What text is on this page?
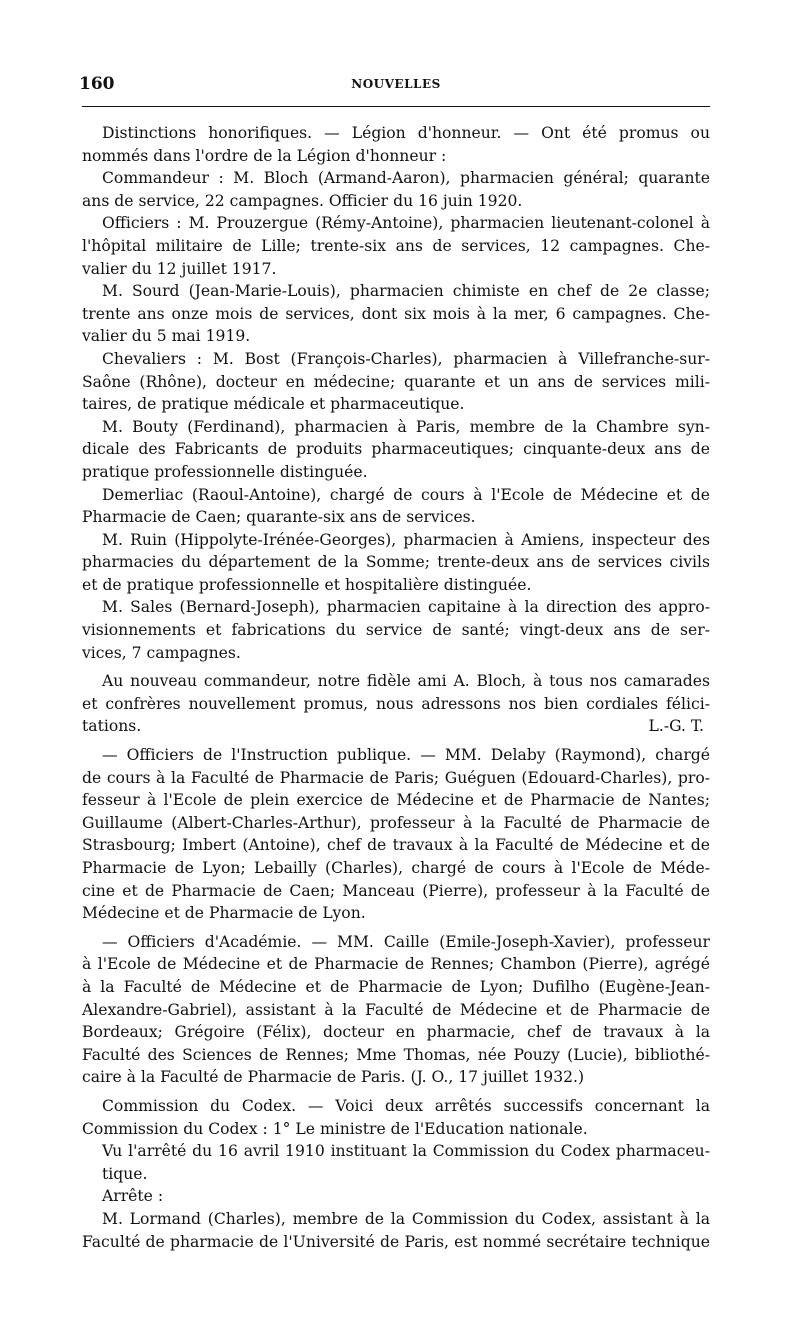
160	NOUVELLES
Distinctions honorifiques. — Légion d'honneur. — Ont été promus ou
nommés dans l'ordre de la Légion d'honneur :
Commandeur : M. Bloch (Armand-Aaron), pharmacien général; quarante
ans de service, 22 campagnes. Officier du 16 juin 1920.
Officiers : M. Prouzergue (Rémy-Antoine), pharmacien lieutenant-colonel à
l'hôpital militaire de Lille; trente-six ans de services, 12 campagnes. Che-
valier du 12 juillet 1917.
M. Sourd (Jean-Marie-Louis), pharmacien chimiste en chef de 2e classe;
trente ans onze mois de services, dont six mois à la mer, 6 campagnes. Che-
valier du 5 mai 1919.
Chevaliers : M. Bost (François-Charles), pharmacien à Villefranche-sur-
Saône (Rhône), docteur en médecine; quarante et un ans de services mili-
taires, de pratique médicale et pharmaceutique.
M. Bouty (Ferdinand), pharmacien à Paris, membre de la Chambre syn-
dicale des Fabricants de produits pharmaceutiques; cinquante-deux ans de
pratique professionnelle distinguée.
Demerliac (Raoul-Antoine), chargé de cours à l'Ecole de Médecine et de
Pharmacie de Caen; quarante-six ans de services.
M. Ruin (Hippolyte-Irénée-Georges), pharmacien à Amiens, inspecteur des
pharmacies du département de la Somme; trente-deux ans de services civils
et de pratique professionnelle et hospitalière distinguée.
M. Sales (Bernard-Joseph), pharmacien capitaine à la direction des appro-
visionnements et fabrications du service de santé; vingt-deux ans de ser-
vices, 7 campagnes.
Au nouveau commandeur, notre fidèle ami A. Bloch, à tous nos camarades
et confrères nouvellement promus, nous adressons nos bien cordiales félici-
tations.	L.-G. T.
— Officiers de l'Instruction publique. — MM. Delaby (Raymond), chargé
de cours à la Faculté de Pharmacie de Paris; Guéguen (Edouard-Charles), pro-
fesseur à l'Ecole de plein exercice de Médecine et de Pharmacie de Nantes;
Guillaume (Albert-Charles-Arthur), professeur à la Faculté de Pharmacie de
Strasbourg; Imbert (Antoine), chef de travaux à la Faculté de Médecine et de
Pharmacie de Lyon; Lebailly (Charles), chargé de cours à l'Ecole de Méde-
cine et de Pharmacie de Caen; Manceau (Pierre), professeur à la Faculté de
Médecine et de Pharmacie de Lyon.
— Officiers d'Académie. — MM. Caille (Emile-Joseph-Xavier), professeur
à l'Ecole de Médecine et de Pharmacie de Rennes; Chambon (Pierre), agrégé
à la Faculté de Médecine et de Pharmacie de Lyon; Dufilho (Eugène-Jean-
Alexandre-Gabriel), assistant à la Faculté de Médecine et de Pharmacie de
Bordeaux; Grégoire (Félix), docteur en pharmacie, chef de travaux à la
Faculté des Sciences de Rennes; Mme Thomas, née Pouzy (Lucie), bibliothé-
caire à la Faculté de Pharmacie de Paris. (J. O., 17 juillet 1932.)
Commission du Codex. — Voici deux arrêtés successifs concernant la
Commission du Codex : 1° Le ministre de l'Education nationale.
Vu l'arrêté du 16 avril 1910 instituant la Commission du Codex pharmaceu-
tique.
Arrête :
M. Lormand (Charles), membre de la Commission du Codex, assistant à la
Faculté de pharmacie de l'Université de Paris, est nommé secrétaire technique
